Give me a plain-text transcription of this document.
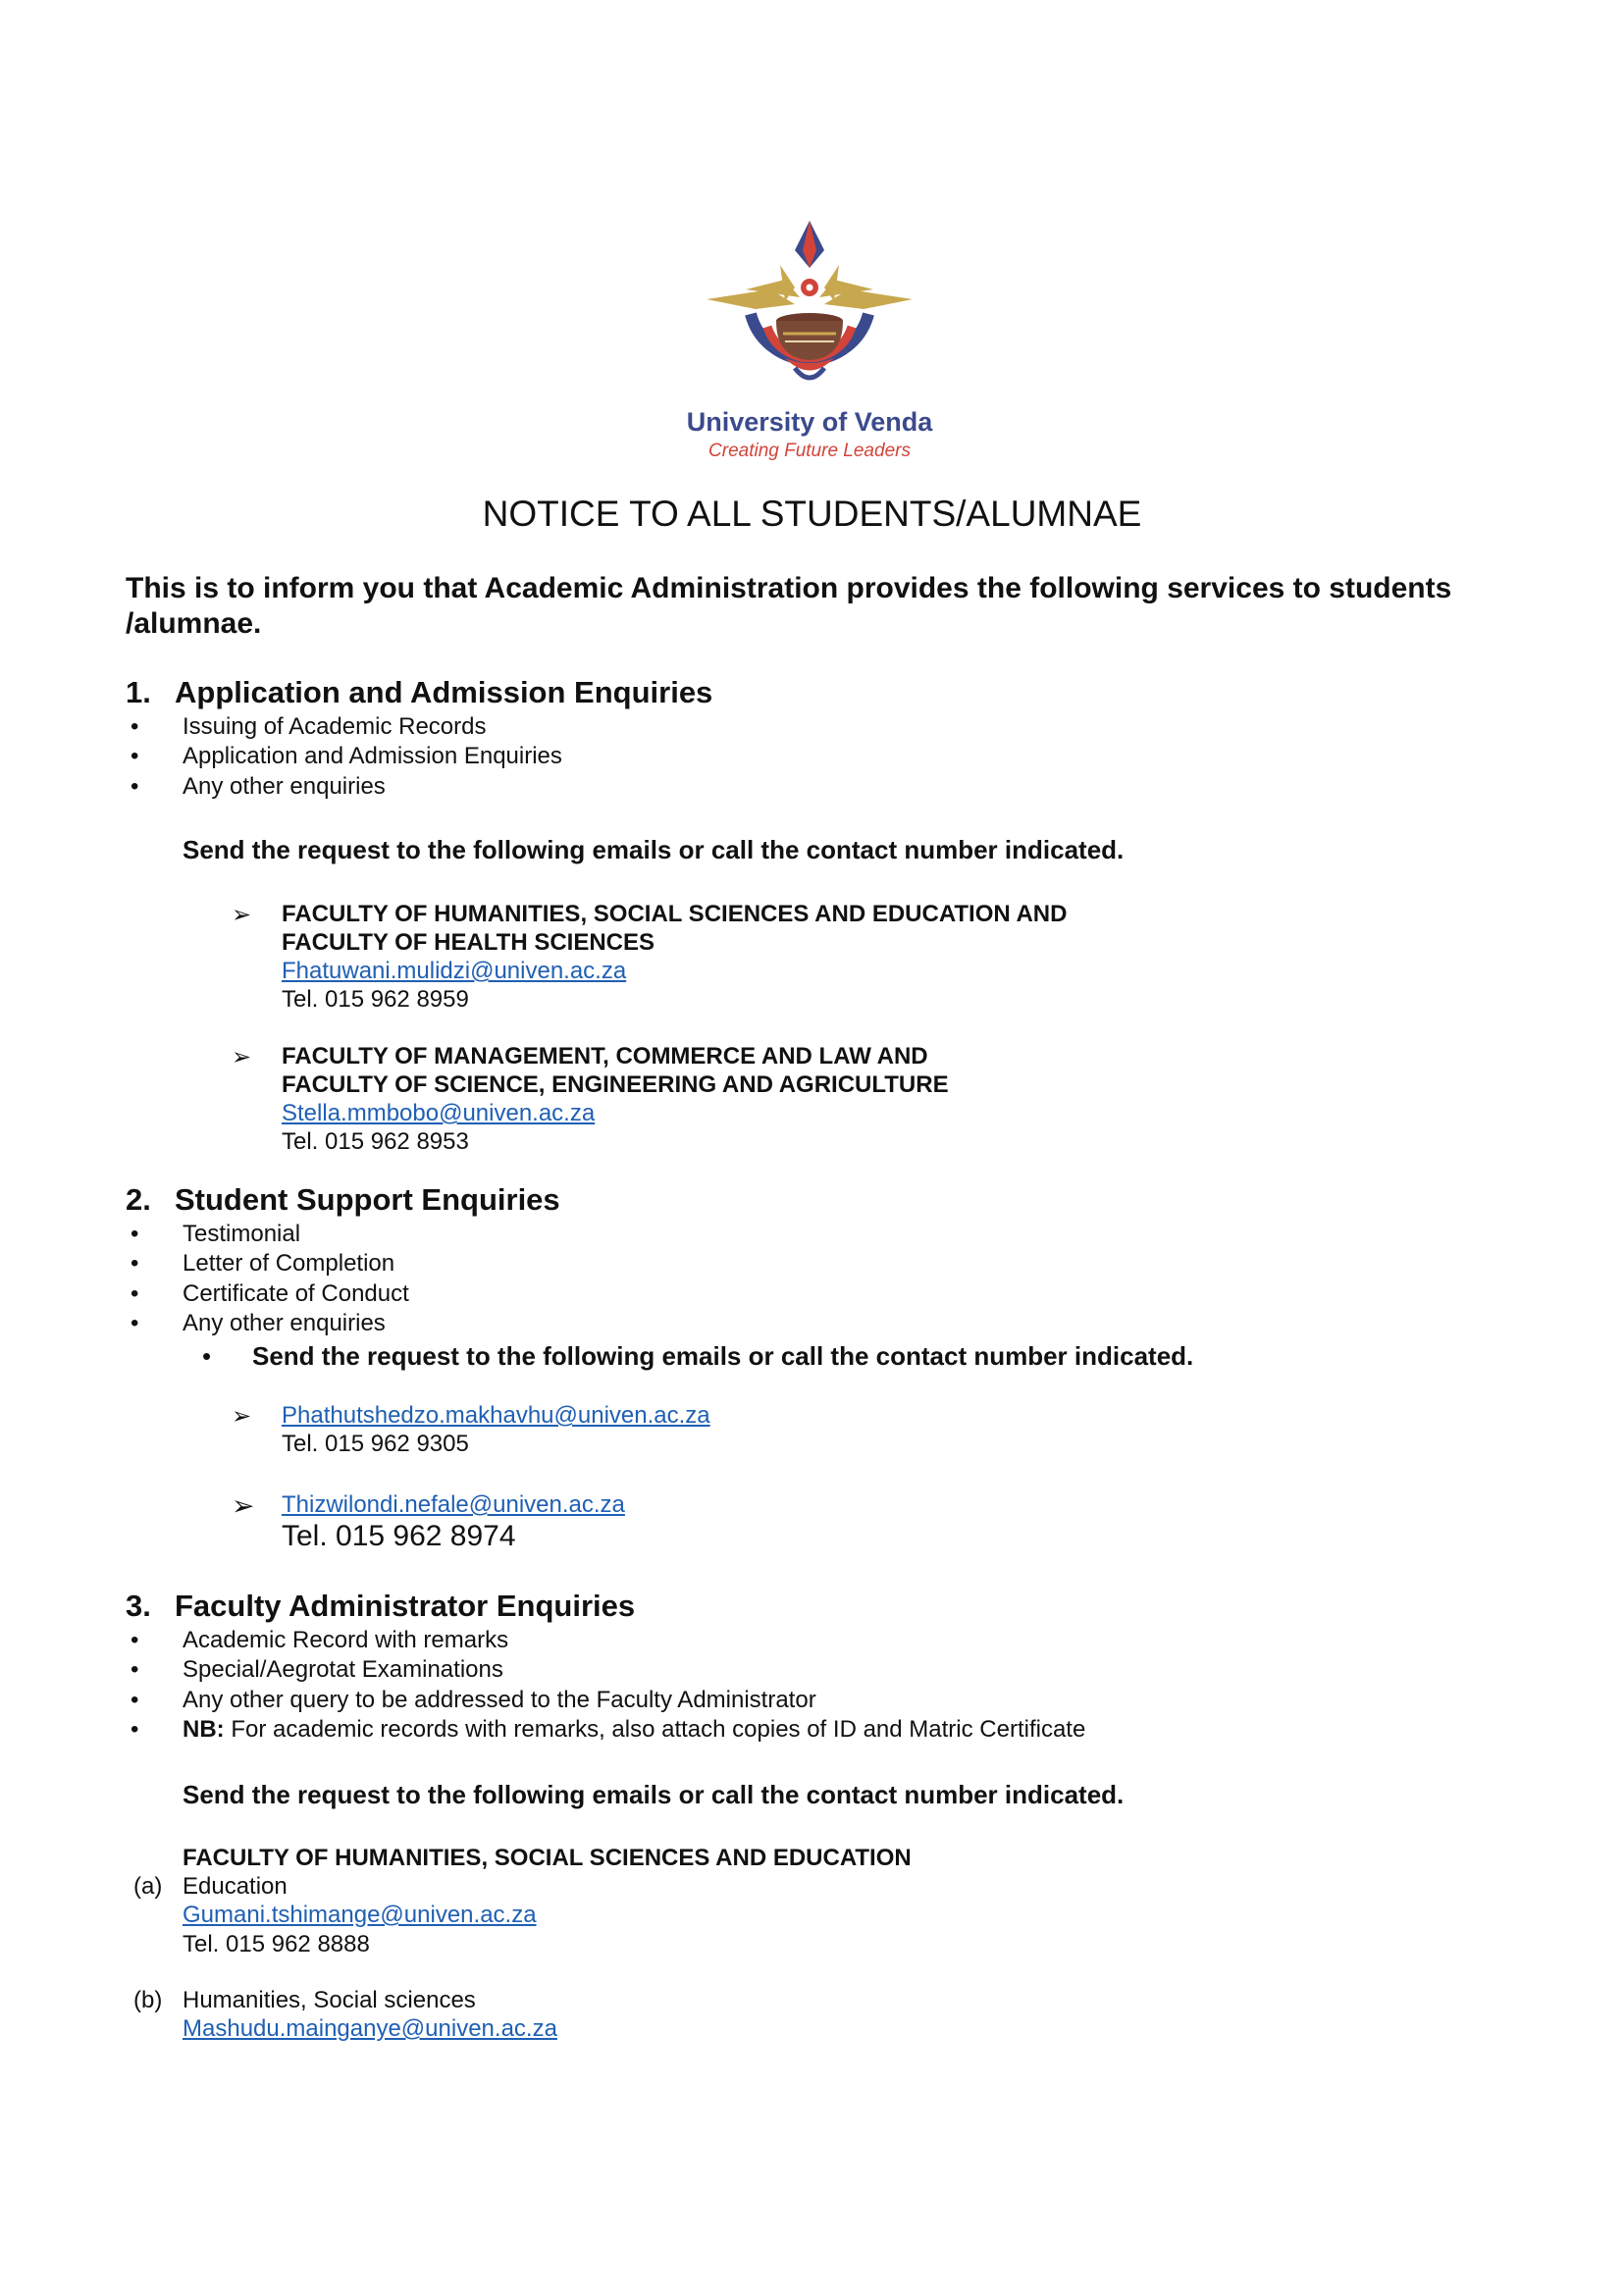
University of Venda
Creating Future Leaders
NOTICE TO ALL STUDENTS/ALUMNAE
This is to inform you that Academic Administration provides the following services to students /alumnae.
1. Application and Admission Enquiries
• Issuing of Academic Records
• Application and Admission Enquiries
• Any other enquiries
Send the request to the following emails or call the contact number indicated.
➢ FACULTY OF HUMANITIES, SOCIAL SCIENCES AND EDUCATION AND
FACULTY OF HEALTH SCIENCES
Fhatuwani.mulidzi@univen.ac.za
Tel. 015 962 8959
➢ FACULTY OF MANAGEMENT, COMMERCE AND LAW AND
FACULTY OF SCIENCE, ENGINEERING AND AGRICULTURE
Stella.mmbobo@univen.ac.za
Tel. 015 962 8953
2. Student Support Enquiries
• Testimonial
• Letter of Completion
• Certificate of Conduct
• Any other enquiries
• Send the request to the following emails or call the contact number indicated.
➢ Phathutshedzo.makhavhu@univen.ac.za
Tel. 015 962 9305
➢ Thizwilondi.nefale@univen.ac.za
Tel. 015 962 8974
3. Faculty Administrator Enquiries
• Academic Record with remarks
• Special/Aegrotat Examinations
• Any other query to be addressed to the Faculty Administrator
• NB: For academic records with remarks, also attach copies of ID and Matric Certificate
Send the request to the following emails or call the contact number indicated.
FACULTY OF HUMANITIES, SOCIAL SCIENCES AND EDUCATION
(a) Education
Gumani.tshimange@univen.ac.za
Tel. 015 962 8888
(b) Humanities, Social sciences
Mashudu.mainganye@univen.ac.za
